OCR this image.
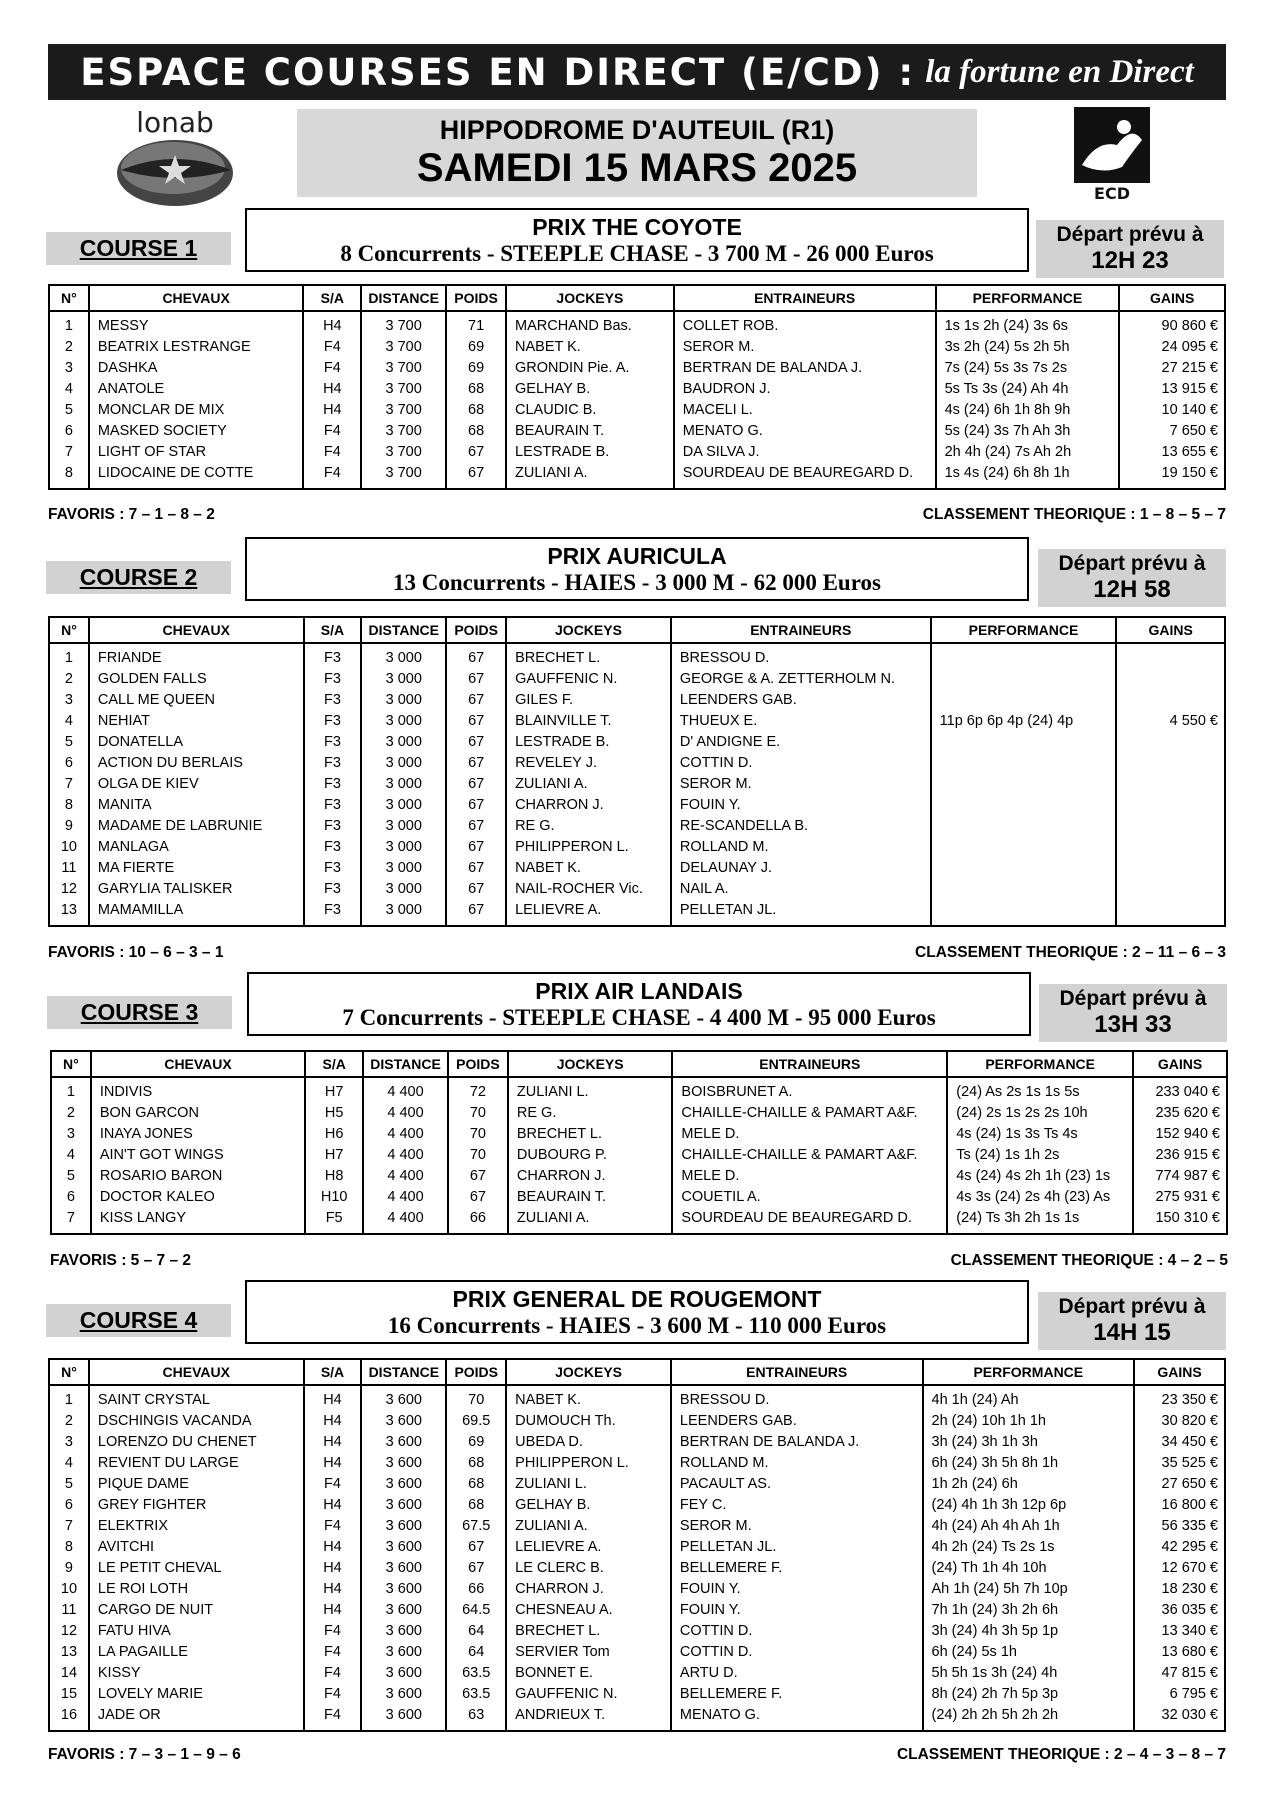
ESPACE COURSES EN DIRECT (E/CD) : la fortune en Direct
lonab
ECD
HIPPODROME D'AUTEUIL (R1)
SAMEDI 15 MARS 2025
COURSE 1
PRIX THE COYOTE
8 Concurrents - STEEPLE CHASE - 3 700 M - 26 000 Euros
Départ prévu à
12H 23
N°	CHEVAUX	S/A	DISTANCE	POIDS	JOCKEYS	ENTRAINEURS	PERFORMANCE	GAINS
1	MESSY	H4	3 700	71	MARCHAND Bas.	COLLET ROB.	1s 1s 2h (24) 3s 6s	90 860 €
2	BEATRIX LESTRANGE	F4	3 700	69	NABET K.	SEROR M.	3s 2h (24) 5s 2h 5h	24 095 €
3	DASHKA	F4	3 700	69	GRONDIN Pie. A.	BERTRAN DE BALANDA J.	7s (24) 5s 3s 7s 2s	27 215 €
4	ANATOLE	H4	3 700	68	GELHAY B.	BAUDRON J.	5s Ts 3s (24) Ah 4h	13 915 €
5	MONCLAR DE MIX	H4	3 700	68	CLAUDIC B.	MACELI L.	4s (24) 6h 1h 8h 9h	10 140 €
6	MASKED SOCIETY	F4	3 700	68	BEAURAIN T.	MENATO G.	5s (24) 3s 7h Ah 3h	7 650 €
7	LIGHT OF STAR	F4	3 700	67	LESTRADE B.	DA SILVA J.	2h 4h (24) 7s Ah 2h	13 655 €
8	LIDOCAINE DE COTTE	F4	3 700	67	ZULIANI A.	SOURDEAU DE BEAUREGARD D.	1s 4s (24) 6h 8h 1h	19 150 €
FAVORIS : 7 – 1 – 8 – 2	CLASSEMENT THEORIQUE : 1 – 8 – 5 – 7
COURSE 2
PRIX AURICULA
13 Concurrents - HAIES - 3 000 M - 62 000 Euros
Départ prévu à
12H 58
N°	CHEVAUX	S/A	DISTANCE	POIDS	JOCKEYS	ENTRAINEURS	PERFORMANCE	GAINS
1	FRIANDE	F3	3 000	67	BRECHET L.	BRESSOU D.		
2	GOLDEN FALLS	F3	3 000	67	GAUFFENIC N.	GEORGE & A. ZETTERHOLM N.		
3	CALL ME QUEEN	F3	3 000	67	GILES F.	LEENDERS GAB.		
4	NEHIAT	F3	3 000	67	BLAINVILLE T.	THUEUX E.	11p 6p 6p 4p (24) 4p	4 550 €
5	DONATELLA	F3	3 000	67	LESTRADE B.	D' ANDIGNE E.		
6	ACTION DU BERLAIS	F3	3 000	67	REVELEY J.	COTTIN D.		
7	OLGA DE KIEV	F3	3 000	67	ZULIANI A.	SEROR M.		
8	MANITA	F3	3 000	67	CHARRON J.	FOUIN Y.		
9	MADAME DE LABRUNIE	F3	3 000	67	RE G.	RE-SCANDELLA B.		
10	MANLAGA	F3	3 000	67	PHILIPPERON L.	ROLLAND M.		
11	MA FIERTE	F3	3 000	67	NABET K.	DELAUNAY J.		
12	GARYLIA TALISKER	F3	3 000	67	NAIL-ROCHER Vic.	NAIL A.		
13	MAMAMILLA	F3	3 000	67	LELIEVRE A.	PELLETAN JL.		
FAVORIS : 10 – 6 – 3 – 1	CLASSEMENT THEORIQUE : 2 – 11 – 6 – 3
COURSE 3
PRIX AIR LANDAIS
7 Concurrents - STEEPLE CHASE - 4 400 M - 95 000 Euros
Départ prévu à
13H 33
N°	CHEVAUX	S/A	DISTANCE	POIDS	JOCKEYS	ENTRAINEURS	PERFORMANCE	GAINS
1	INDIVIS	H7	4 400	72	ZULIANI L.	BOISBRUNET A.	(24) As 2s 1s 1s 5s	233 040 €
2	BON GARCON	H5	4 400	70	RE G.	CHAILLE-CHAILLE & PAMART A&F.	(24) 2s 1s 2s 2s 10h	235 620 €
3	INAYA JONES	H6	4 400	70	BRECHET L.	MELE D.	4s (24) 1s 3s Ts 4s	152 940 €
4	AIN'T GOT WINGS	H7	4 400	70	DUBOURG P.	CHAILLE-CHAILLE & PAMART A&F.	Ts (24) 1s 1h 2s	236 915 €
5	ROSARIO BARON	H8	4 400	67	CHARRON J.	MELE D.	4s (24) 4s 2h 1h (23) 1s	774 987 €
6	DOCTOR KALEO	H10	4 400	67	BEAURAIN T.	COUETIL A.	4s 3s (24) 2s 4h (23) As	275 931 €
7	KISS LANGY	F5	4 400	66	ZULIANI A.	SOURDEAU DE BEAUREGARD D.	(24) Ts 3h 2h 1s 1s	150 310 €
FAVORIS : 5 – 7 – 2	CLASSEMENT THEORIQUE : 4 – 2 – 5
COURSE 4
PRIX GENERAL DE ROUGEMONT
16 Concurrents - HAIES - 3 600 M - 110 000 Euros
Départ prévu à
14H 15
N°	CHEVAUX	S/A	DISTANCE	POIDS	JOCKEYS	ENTRAINEURS	PERFORMANCE	GAINS
1	SAINT CRYSTAL	H4	3 600	70	NABET K.	BRESSOU D.	4h 1h (24) Ah	23 350 €
2	DSCHINGIS VACANDA	H4	3 600	69.5	DUMOUCH Th.	LEENDERS GAB.	2h (24) 10h 1h 1h	30 820 €
3	LORENZO DU CHENET	H4	3 600	69	UBEDA D.	BERTRAN DE BALANDA J.	3h (24) 3h 1h 3h	34 450 €
4	REVIENT DU LARGE	H4	3 600	68	PHILIPPERON L.	ROLLAND M.	6h (24) 3h 5h 8h 1h	35 525 €
5	PIQUE DAME	F4	3 600	68	ZULIANI L.	PACAULT AS.	1h 2h (24) 6h	27 650 €
6	GREY FIGHTER	H4	3 600	68	GELHAY B.	FEY C.	(24) 4h 1h 3h 12p 6p	16 800 €
7	ELEKTRIX	F4	3 600	67.5	ZULIANI A.	SEROR M.	4h (24) Ah 4h Ah 1h	56 335 €
8	AVITCHI	H4	3 600	67	LELIEVRE A.	PELLETAN JL.	4h 2h (24) Ts 2s 1s	42 295 €
9	LE PETIT CHEVAL	H4	3 600	67	LE CLERC B.	BELLEMERE F.	(24) Th 1h 4h 10h	12 670 €
10	LE ROI LOTH	H4	3 600	66	CHARRON J.	FOUIN Y.	Ah 1h (24) 5h 7h 10p	18 230 €
11	CARGO DE NUIT	H4	3 600	64.5	CHESNEAU A.	FOUIN Y.	7h 1h (24) 3h 2h 6h	36 035 €
12	FATU HIVA	F4	3 600	64	BRECHET L.	COTTIN D.	3h (24) 4h 3h 5p 1p	13 340 €
13	LA PAGAILLE	F4	3 600	64	SERVIER Tom	COTTIN D.	6h (24) 5s 1h	13 680 €
14	KISSY	F4	3 600	63.5	BONNET E.	ARTU D.	5h 5h 1s 3h (24) 4h	47 815 €
15	LOVELY MARIE	F4	3 600	63.5	GAUFFENIC N.	BELLEMERE F.	8h (24) 2h 7h 5p 3p	6 795 €
16	JADE OR	F4	3 600	63	ANDRIEUX T.	MENATO G.	(24) 2h 2h 5h 2h 2h	32 030 €
FAVORIS : 7 – 3 – 1 – 9 – 6	CLASSEMENT THEORIQUE : 2 – 4 – 3 – 8 – 7
